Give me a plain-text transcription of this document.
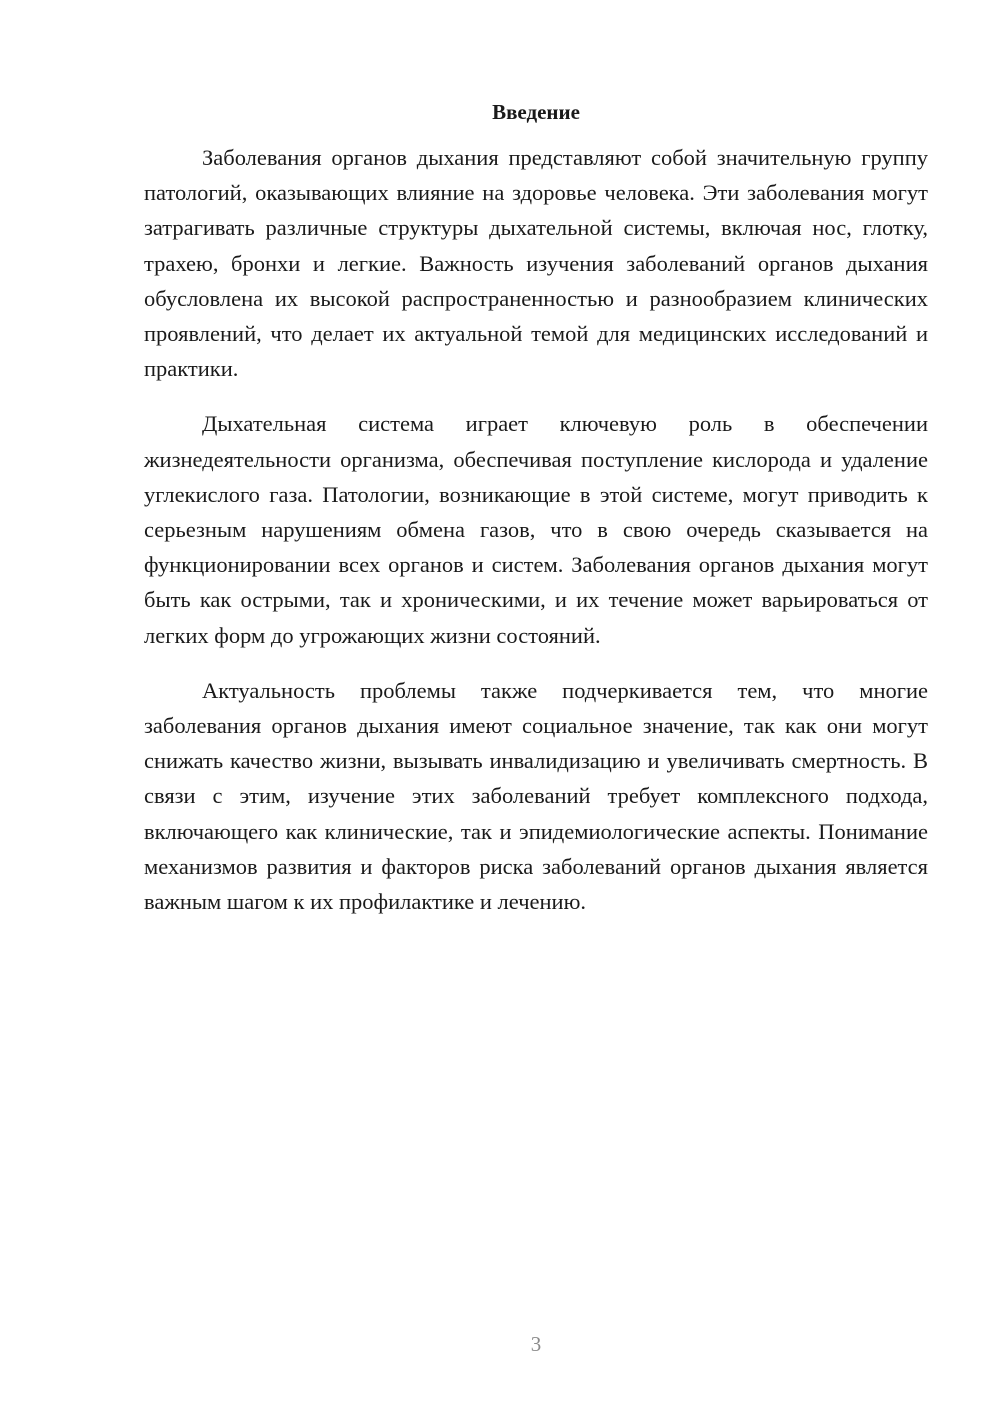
Введение

Заболевания органов дыхания представляют собой значительную группу патологий, оказывающих влияние на здоровье человека. Эти заболевания могут затрагивать различные структуры дыхательной системы, включая нос, глотку, трахею, бронхи и легкие. Важность изучения заболеваний органов дыхания обусловлена их высокой распространенностью и разнообразием клинических проявлений, что делает их актуальной темой для медицинских исследований и практики.

Дыхательная система играет ключевую роль в обеспечении жизнедеятельности организма, обеспечивая поступление кислорода и удаление углекислого газа. Патологии, возникающие в этой системе, могут приводить к серьезным нарушениям обмена газов, что в свою очередь сказывается на функционировании всех органов и систем. Заболевания органов дыхания могут быть как острыми, так и хроническими, и их течение может варьироваться от легких форм до угрожающих жизни состояний.

Актуальность проблемы также подчеркивается тем, что многие заболевания органов дыхания имеют социальное значение, так как они могут снижать качество жизни, вызывать инвалидизацию и увеличивать смертность. В связи с этим, изучение этих заболеваний требует комплексного подхода, включающего как клинические, так и эпидемиологические аспекты. Понимание механизмов развития и факторов риска заболеваний органов дыхания является важным шагом к их профилактике и лечению.

3
